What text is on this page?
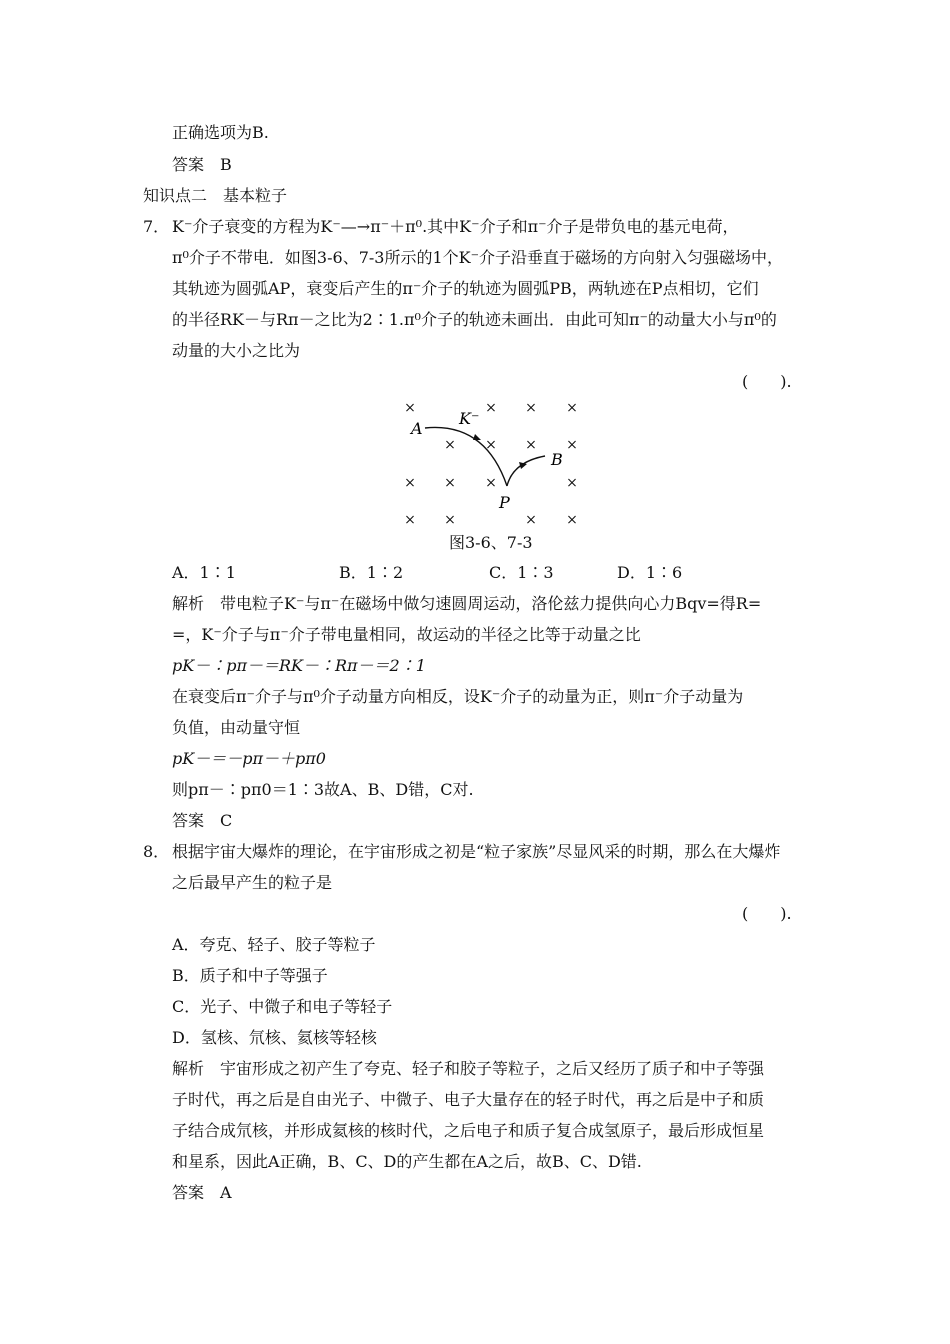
正确选项为B.
答案　 B
知识点二　基本粒子
7． K⁻介子衰变的方程为K⁻—→π⁻＋π⁰.其中K⁻介子和π⁻介子是带负电的基元电荷，
π⁰介子不带电．如图3-6、7-3所示的1个K⁻介子沿垂直于磁场的方向射入匀强磁场中，
其轨迹为圆弧AP，衰变后产生的π⁻介子的轨迹为圆弧PB，两轨迹在P点相切，它们
的半径RK－与Rπ－之比为2∶1.π⁰介子的轨迹未画出．由此可知π⁻的动量大小与π⁰的
动量的大小之比为
(　　).
×	× × ×
× × × ×
× × ×	×
× ×	× ×
A
K⁻
B
P
图3-6、7-3
A．1∶1	B．1∶2	C．1∶3	D．1∶6
解析　带电粒子K⁻与π⁻在磁场中做匀速圆周运动，洛伦兹力提供向心力Bqv=得R=
=，K⁻介子与π⁻介子带电量相同，故运动的半径之比等于动量之比
pK－∶pπ－＝RK－∶Rπ－＝2∶1
在衰变后π⁻介子与π⁰介子动量方向相反，设K⁻介子的动量为正，则π⁻介子动量为
负值，由动量守恒
pK－＝－pπ－＋pπ0
则pπ－∶pπ0＝1∶3故A、B、D错，C对.
答案　 C
8． 根据宇宙大爆炸的理论，在宇宙形成之初是“粒子家族”尽显风采的时期，那么在大爆炸
之后最早产生的粒子是
(　　).
A．夸克、轻子、胶子等粒子
B．质子和中子等强子
C．光子、中微子和电子等轻子
D．氢核、氘核、氦核等轻核
解析　宇宙形成之初产生了夸克、轻子和胶子等粒子，之后又经历了质子和中子等强
子时代，再之后是自由光子、中微子、电子大量存在的轻子时代，再之后是中子和质
子结合成氘核，并形成氦核的核时代，之后电子和质子复合成氢原子，最后形成恒星
和星系，因此A正确，B、C、D的产生都在A之后，故B、C、D错.
答案　 A
